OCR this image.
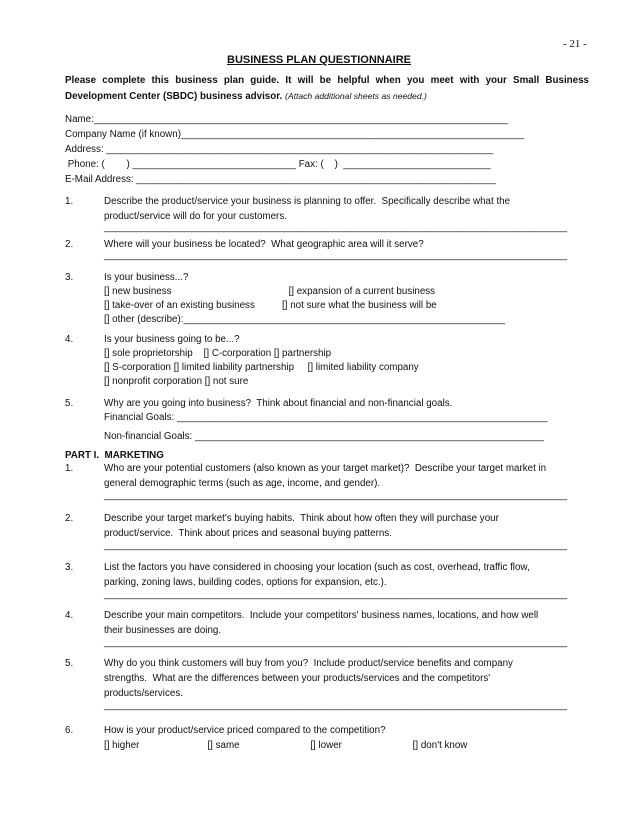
- 21 -
BUSINESS PLAN QUESTIONNAIRE
Please complete this business plan guide. It will be helpful when you meet with your Small Business Development Center (SBDC) business advisor. (Attach additional sheets as needed.)
Name:____________________________________________________________________________
Company Name (if known)_______________________________________________________________
Address: _______________________________________________________________________
Phone: (        ) ______________________________ Fax: (    )  ___________________________
E-Mail Address: __________________________________________________________________
1.	Describe the product/service your business is planning to offer.  Specifically describe what the
product/service will do for your customers.
_____________________________________________________________________________________
2.	Where will your business be located?  What geographic area will it serve?
_____________________________________________________________________________________
3.	Is your business...?
[] new business                                           [] expansion of a current business
[] take-over of an existing business          [] not sure what the business will be
[] other (describe):___________________________________________________________
4.	Is your business going to be...?
[] sole proprietorship    [] C-corporation [] partnership
[] S-corporation [] limited liability partnership     [] limited liability company
[] nonprofit corporation [] not sure
5.	Why are you going into business?  Think about financial and non-financial goals.
Financial Goals: ____________________________________________________________________
Non-financial Goals: ________________________________________________________________
PART I.  MARKETING
1.	Who are your potential customers (also known as your target market)?  Describe your target market in
general demographic terms (such as age, income, and gender).
_____________________________________________________________________________________
2.	Describe your target market's buying habits.  Think about how often they will purchase your
product/service.  Think about prices and seasonal buying patterns.
_____________________________________________________________________________________
3.	List the factors you have considered in choosing your location (such as cost, overhead, traffic flow,
parking, zoning laws, building codes, options for expansion, etc.).
_____________________________________________________________________________________
4.	Describe your main competitors.  Include your competitors' business names, locations, and how well
their businesses are doing.
_____________________________________________________________________________________
5.	Why do you think customers will buy from you?  Include product/service benefits and company
strengths.  What are the differences between your products/services and the competitors'
products/services.
_____________________________________________________________________________________
6.	How is your product/service priced compared to the competition?
[] higher                         [] same                          [] lower                          [] don't know
